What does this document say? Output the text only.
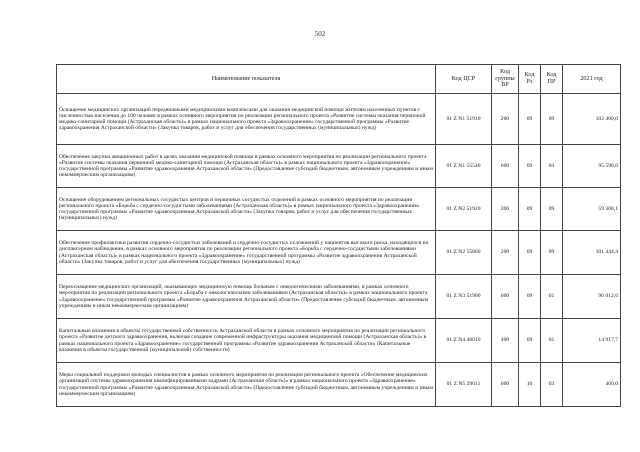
502
Наименование показателя	Код ЦСР	Код группы ВР	Код Рз	Код ПР	2021 год
Оснащение медицинских организаций передвижными медицинскими комплексами для оказания медицинской помощи жителям населенных пунктов с численностью населения до 100 человек в рамках основного мероприятия по реализации регионального проекта «Развитие системы оказания первичной медико-санитарной помощи (Астраханская область)» в рамках национального проекта «Здравоохранение» государственной программы «Развитие здравоохранения Астраханской области» (Закупка товаров, работ и услуг для обеспечения государственных (муниципальных) нужд)	01 Z N1 51910	200	09	09	102 400,0
Обеспечение закупки авиационных работ в целях оказания медицинской помощи в рамках основного мероприятия по реализации регионального проекта «Развитие системы оказания первичной медико-санитарной помощи (Астраханская область)» в рамках национального проекта «Здравоохранение» государственной программы «Развитие здравоохранения Астраханской области» (Предоставление субсидий бюджетным, автономным учреждениям и иным некоммерческим организациям)	01 Z N1 55540	600	09	04	95 596,0
Оснащение оборудованием региональных сосудистых центров и первичных сосудистых отделений в рамках основного мероприятия по реализации регионального проекта «Борьба с сердечно-сосудистыми заболеваниями (Астраханская область)» в рамках национального проекта «Здравоохранение» государственной программы «Развитие здравоохранения Астраханской области» (Закупка товаров, работ и услуг для обеспечения государственных (муниципальных) нужд)	01 Z N2 51920	200	09	09	59 308,1
Обеспечение профилактики развития сердечно-сосудистых заболеваний и сердечно-сосудистых осложнений у пациентов высокого риска, находящихся на диспансерном наблюдении, в рамках основного мероприятия по реализации регионального проекта «Борьба с сердечно-сосудистыми заболеваниями (Астраханская область)» в рамках национального проекта «Здравоохранение» государственной программы «Развитие здравоохранения Астраханской области» (Закупка товаров, работ и услуг для обеспечения государственных (муниципальных) нужд)	01 Z N2 55860	200	09	09	101 444,4
Переоснащение медицинских организаций, оказывающих медицинскую помощь больным с онкологическими заболеваниями, в рамках основного мероприятия по реализации регионального проекта «Борьба с онкологическими заболеваниями (Астраханская область)» в рамках национального проекта «Здравоохранение» государственной программы «Развитие здравоохранения Астраханской области» (Предоставление субсидий бюджетным, автономным учреждениям и иным некоммерческим организациям)	01 Z N3 51900	600	09	01	96 012,6
Капитальные вложения в объекты государственной собственности Астраханской области в рамках основного мероприятия по реализации регионального проекта «Развитие детского здравоохранения, включая создание современной инфраструктуры оказания медицинской помощи (Астраханская область)» в рамках национального проекта «Здравоохранение» государственной программы «Развитие здравоохранения Астраханской области» (Капитальные вложения в объекты государственной (муниципальной) собственности)	01 Z N4 40010	400	09	01	14 917,7
Меры социальной поддержки молодых специалистов в рамках основного мероприятия по реализации регионального проекта «Обеспечение медицинских организаций системы здравоохранения квалифицированными кадрами (Астраханская область)» в рамках национального проекта «Здравоохранение» государственной программы «Развитие здравоохранения Астраханской области» (Предоставление субсидий бюджетным, автономным учреждениям и иным некоммерческим организациям)	01 Z N5 29011	600	10	03	400,0
